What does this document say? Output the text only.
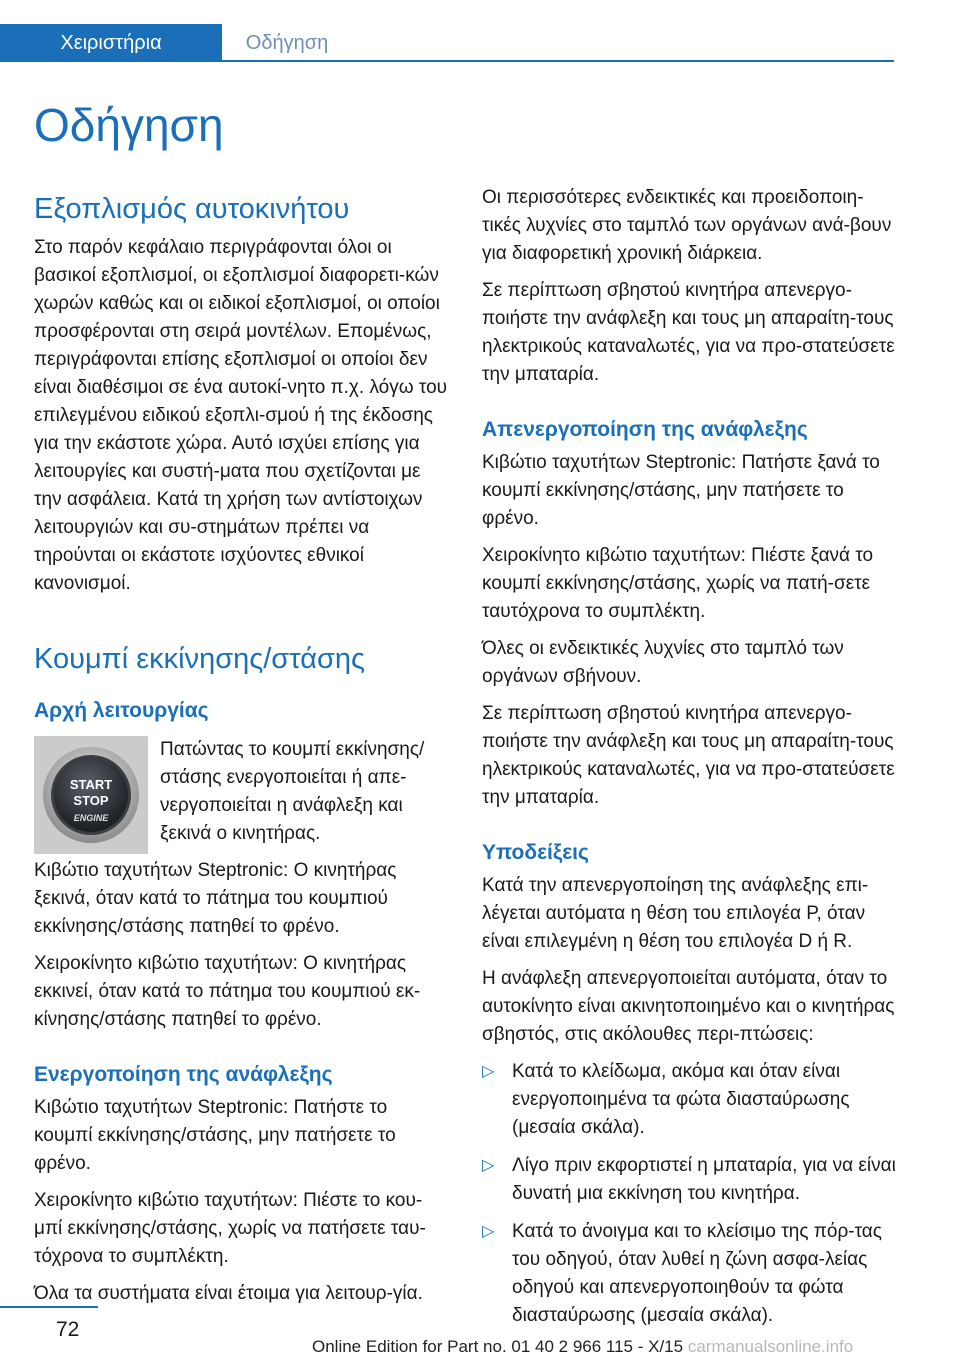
Χειριστήρια	Οδήγηση
Οδήγηση
Εξοπλισμός αυτοκινήτου

Στο παρόν κεφάλαιο περιγράφονται όλοι οι βασικοί εξοπλισμοί, οι εξοπλισμοί διαφορετι‐κών χωρών καθώς και οι ειδικοί εξοπλισμοί, οι οποίοι προσφέρονται στη σειρά μοντέλων. Επομένως, περιγράφονται επίσης εξοπλισμοί οι οποίοι δεν είναι διαθέσιμοι σε ένα αυτοκί‐νητο π.χ. λόγω του επιλεγμένου ειδικού εξοπλι‐σμού ή της έκδοσης για την εκάστοτε χώρα. Αυτό ισχύει επίσης για λειτουργίες και συστή‐ματα που σχετίζονται με την ασφάλεια. Κατά τη χρήση των αντίστοιχων λειτουργιών και συ‐στημάτων πρέπει να τηρούνται οι εκάστοτε ισχύοντες εθνικοί κανονισμοί.

Κουμπί εκκίνησης/στάσης
Αρχή λειτουργίας
START
STOP
ENGINE

Πατώντας το κουμπί εκκίνησης/στάσης ενεργοποιείται ή απε‐νεργοποιείται η ανάφλεξη και ξεκινά ο κινητήρας.

Κιβώτιο ταχυτήτων Steptronic: Ο κινητήρας ξεκινά, όταν κατά το πάτημα του κουμπιού εκκίνησης/στάσης πατηθεί το φρένο.

Χειροκίνητο κιβώτιο ταχυτήτων: Ο κινητήρας εκκινεί, όταν κατά το πάτημα του κουμπιού εκ‐κίνησης/στάσης πατηθεί το φρένο.

Ενεργοποίηση της ανάφλεξης

Κιβώτιο ταχυτήτων Steptronic: Πατήστε το κουμπί εκκίνησης/στάσης, μην πατήσετε το φρένο.

Χειροκίνητο κιβώτιο ταχυτήτων: Πιέστε το κου‐μπί εκκίνησης/στάσης, χωρίς να πατήσετε ταυ‐τόχρονα το συμπλέκτη.

Όλα τα συστήματα είναι έτοιμα για λειτουρ‐γία.

Οι περισσότερες ενδεικτικές και προειδοποιη‐τικές λυχνίες στο ταμπλό των οργάνων ανά‐βουν για διαφορετική χρονική διάρκεια.

Σε περίπτωση σβηστού κινητήρα απενεργο‐ποιήστε την ανάφλεξη και τους μη απαραίτη‐τους ηλεκτρικούς καταναλωτές, για να προ‐στατεύσετε την μπαταρία.

Απενεργοποίηση της ανάφλεξης

Κιβώτιο ταχυτήτων Steptronic: Πατήστε ξανά το κουμπί εκκίνησης/στάσης, μην πατήσετε το φρένο.

Χειροκίνητο κιβώτιο ταχυτήτων: Πιέστε ξανά το κουμπί εκκίνησης/στάσης, χωρίς να πατή‐σετε ταυτόχρονα το συμπλέκτη.

Όλες οι ενδεικτικές λυχνίες στο ταμπλό των οργάνων σβήνουν.

Σε περίπτωση σβηστού κινητήρα απενεργο‐ποιήστε την ανάφλεξη και τους μη απαραίτη‐τους ηλεκτρικούς καταναλωτές, για να προ‐στατεύσετε την μπαταρία.

Υποδείξεις

Κατά την απενεργοποίηση της ανάφλεξης επι‐λέγεται αυτόματα η θέση του επιλογέα P, όταν είναι επιλεγμένη η θέση του επιλογέα D ή R.

Η ανάφλεξη απενεργοποιείται αυτόματα, όταν το αυτοκίνητο είναι ακινητοποιημένο και ο κινητήρας σβηστός, στις ακόλουθες περι‐πτώσεις:

▷ Κατά το κλείδωμα, ακόμα και όταν είναι ενεργοποιημένα τα φώτα διασταύρωσης (μεσαία σκάλα).
▷ Λίγο πριν εκφορτιστεί η μπαταρία, για να είναι δυνατή μια εκκίνηση του κινητήρα.
▷ Κατά το άνοιγμα και το κλείσιμο της πόρ‐τας του οδηγού, όταν λυθεί η ζώνη ασφα‐λείας οδηγού και απενεργοποιηθούν τα φώτα διασταύρωσης (μεσαία σκάλα).
72
Online Edition for Part no. 01 40 2 966 115 - X/15 carmanualsonline.info
